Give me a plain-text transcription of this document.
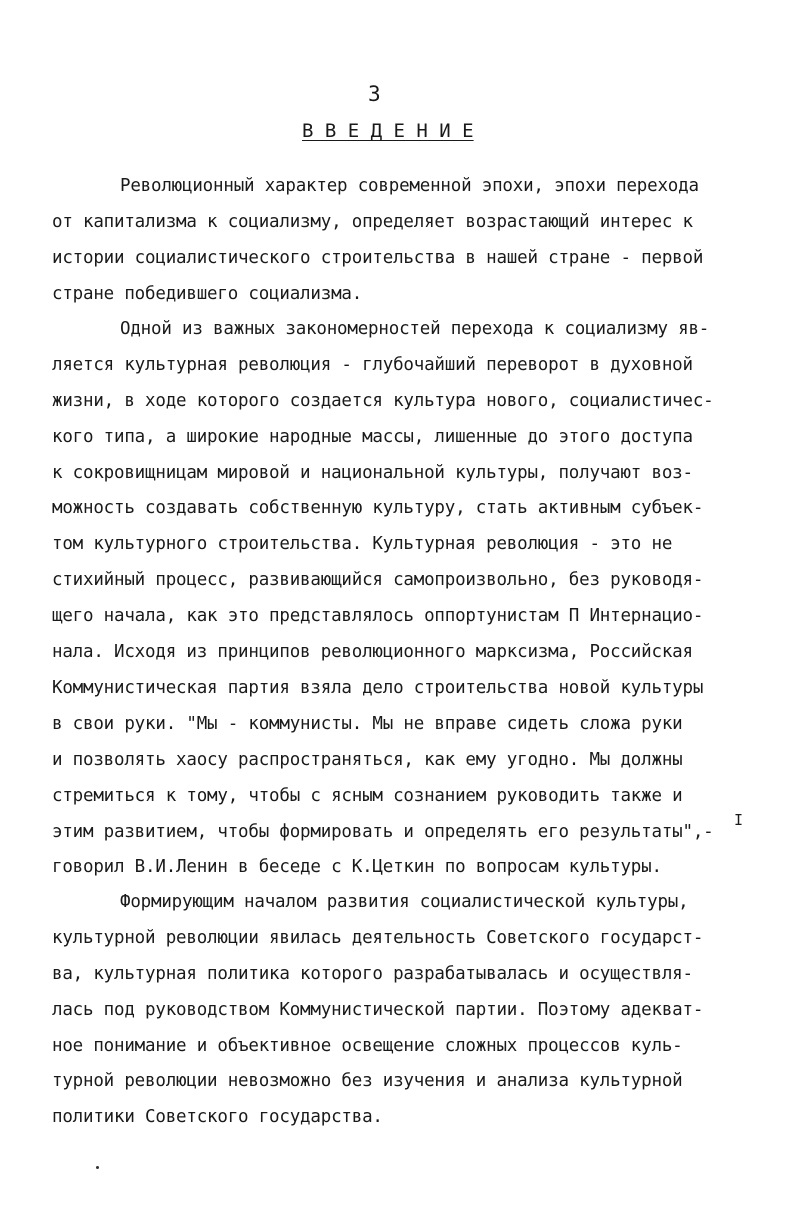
3
В В Е Д Е Н И Е
Революционный характер современной эпохи, эпохи перехода
от капитализма к социализму, определяет возрастающий интерес к
истории социалистического строительства в нашей стране - первой
стране победившего социализма.
Одной из важных закономерностей перехода к социализму яв-
ляется культурная революция - глубочайший переворот в духовной
жизни, в ходе которого создается культура нового, социалистичес-
кого типа, а широкие народные массы, лишенные до этого доступа
к сокровищницам мировой и национальной культуры, получают воз-
можность создавать собственную культуру, стать активным субъек-
том культурного строительства. Культурная революция - это не
стихийный процесс, развивающийся самопроизвольно, без руководя-
щего начала, как это представлялось оппортунистам П Интернацио-
нала. Исходя из принципов революционного марксизма, Российская
Коммунистическая партия взяла дело строительства новой культуры
в свои руки. "Мы - коммунисты. Мы не вправе сидеть сложа руки
и позволять хаосу распространяться, как ему угодно. Мы должны
стремиться к тому, чтобы с ясным сознанием руководить также и
этим развитием, чтобы формировать и определять его результаты",-
говорил В.И.Ленин в беседе с К.Цеткин по вопросам культуры.
I
Формирующим началом развития социалистической культуры,
культурной революции явилась деятельность Советского государст-
ва, культурная политика которого разрабатывалась и осуществля-
лась под руководством Коммунистической партии. Поэтому адекват-
ное понимание и объективное освещение сложных процессов куль-
турной революции невозможно без изучения и анализа культурной
политики Советского государства.
